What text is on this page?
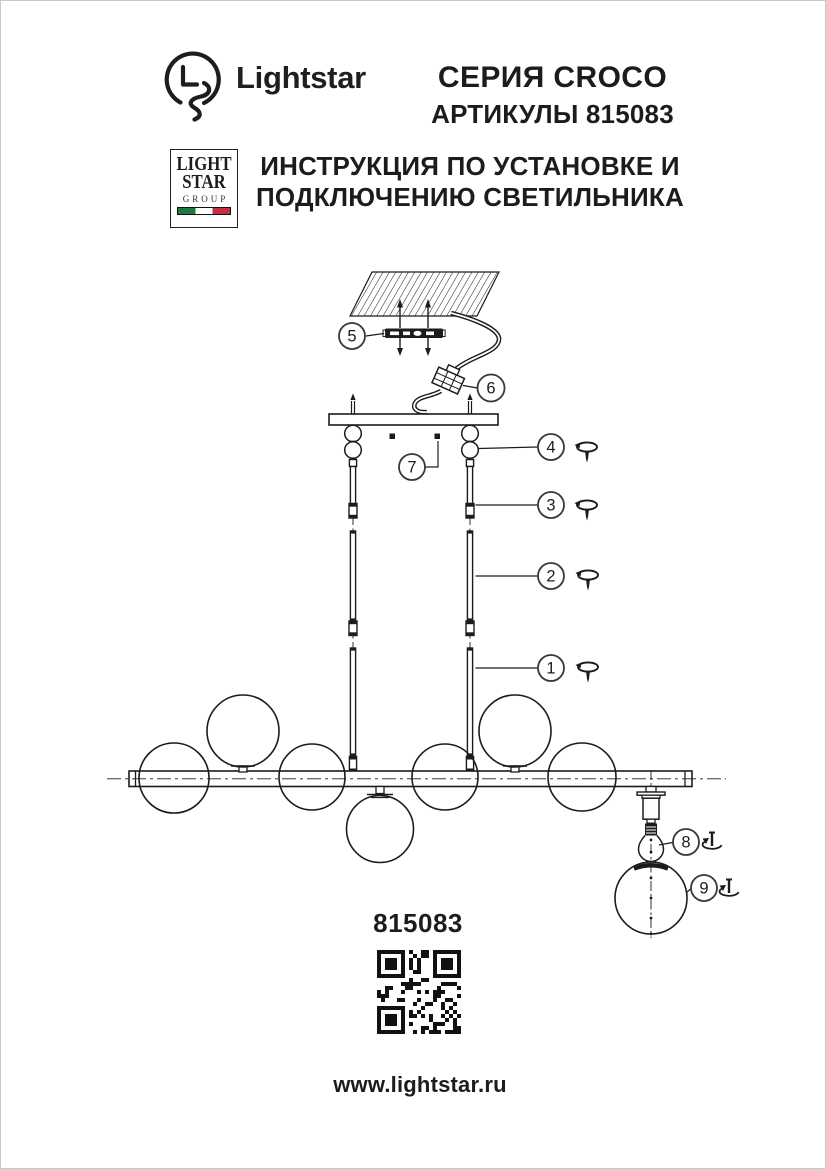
Lightstar	СЕРИЯ CROCO
АРТИКУЛЫ 815083
LIGHT
STAR
GROUP
ИНСТРУКЦИЯ ПО УСТАНОВКЕ И
ПОДКЛЮЧЕНИЮ СВЕТИЛЬНИКА
5
6
7
4
3
2
1
8
9
815083
www.lightstar.ru
